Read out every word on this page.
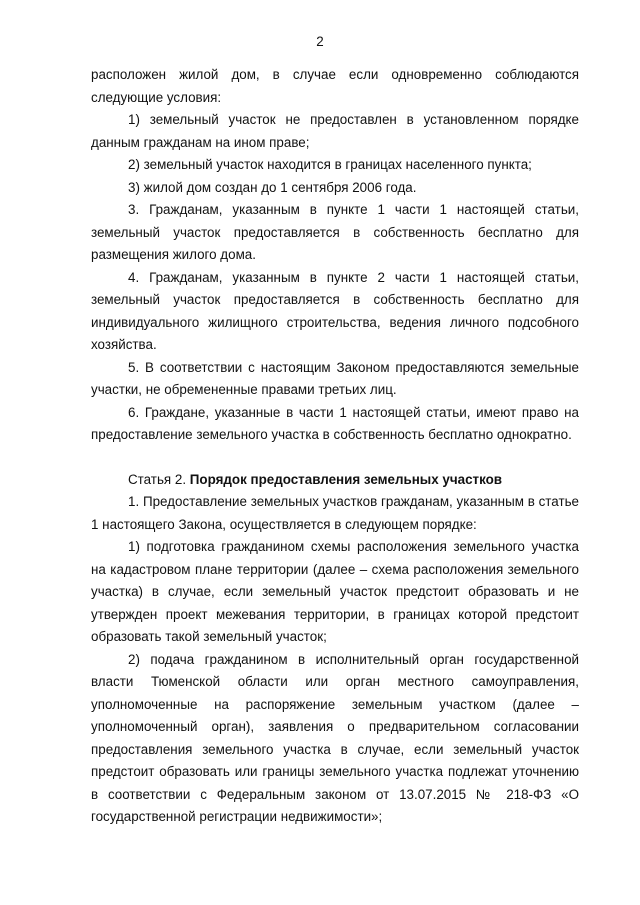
2

расположен жилой дом, в случае если одновременно соблюдаются следующие условия:

1) земельный участок не предоставлен в установленном порядке данным гражданам на ином праве;

2) земельный участок находится в границах населенного пункта;

3) жилой дом создан до 1 сентября 2006 года.

3. Гражданам, указанным в пункте 1 части 1 настоящей статьи, земельный участок предоставляется в собственность бесплатно для размещения жилого дома.

4. Гражданам, указанным в пункте 2 части 1 настоящей статьи, земельный участок предоставляется в собственность бесплатно для индивидуального жилищного строительства, ведения личного подсобного хозяйства.

5. В соответствии с настоящим Законом предоставляются земельные участки, не обремененные правами третьих лиц.

6. Граждане, указанные в части 1 настоящей статьи, имеют право на предоставление земельного участка в собственность бесплатно однократно.

Статья 2. Порядок предоставления земельных участков

1. Предоставление земельных участков гражданам, указанным в статье 1 настоящего Закона, осуществляется в следующем порядке:

1) подготовка гражданином схемы расположения земельного участка на кадастровом плане территории (далее – схема расположения земельного участка) в случае, если земельный участок предстоит образовать и не утвержден проект межевания территории, в границах которой предстоит образовать такой земельный участок;

2) подача гражданином в исполнительный орган государственной власти Тюменской области или орган местного самоуправления, уполномоченные на распоряжение земельным участком (далее – уполномоченный орган), заявления о предварительном согласовании предоставления земельного участка в случае, если земельный участок предстоит образовать или границы земельного участка подлежат уточнению в соответствии с Федеральным законом от 13.07.2015 № 218-ФЗ «О государственной регистрации недвижимости»;
